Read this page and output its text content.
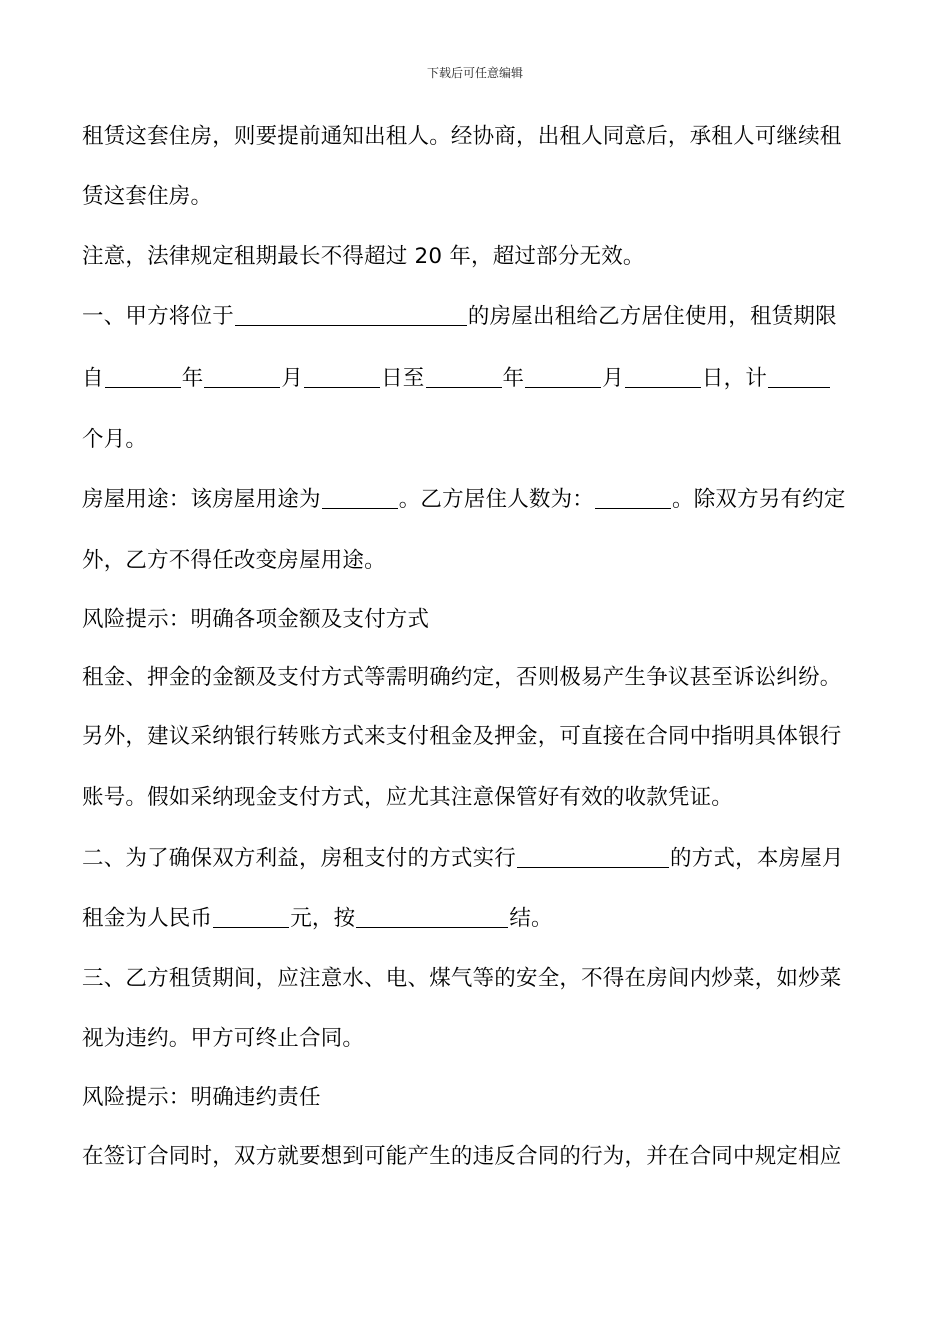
下载后可任意编辑
租赁这套住房，则要提前通知出租人。经协商，出租人同意后，承租人可继续租
赁这套住房。
注意，法律规定租期最长不得超过 20 年，超过部分无效。
一、甲方将位于	的房屋出租给乙方居住使用，租赁期限
自	年	月	日至	年	月	日，计
个月。
房屋用途：该房屋用途为	。乙方居住人数为：	。除双方另有约定
外，乙方不得任改变房屋用途。
风险提示：明确各项金额及支付方式
租金、押金的金额及支付方式等需明确约定，否则极易产生争议甚至诉讼纠纷。
另外，建议采纳银行转账方式来支付租金及押金，可直接在合同中指明具体银行
账号。假如采纳现金支付方式，应尤其注意保管好有效的收款凭证。
二、为了确保双方利益，房租支付的方式实行	的方式，本房屋月
租金为人民币	元，按	结。
三、乙方租赁期间，应注意水、电、煤气等的安全，不得在房间内炒菜，如炒菜
视为违约。甲方可终止合同。
风险提示：明确违约责任
在签订合同时，双方就要想到可能产生的违反合同的行为，并在合同中规定相应
